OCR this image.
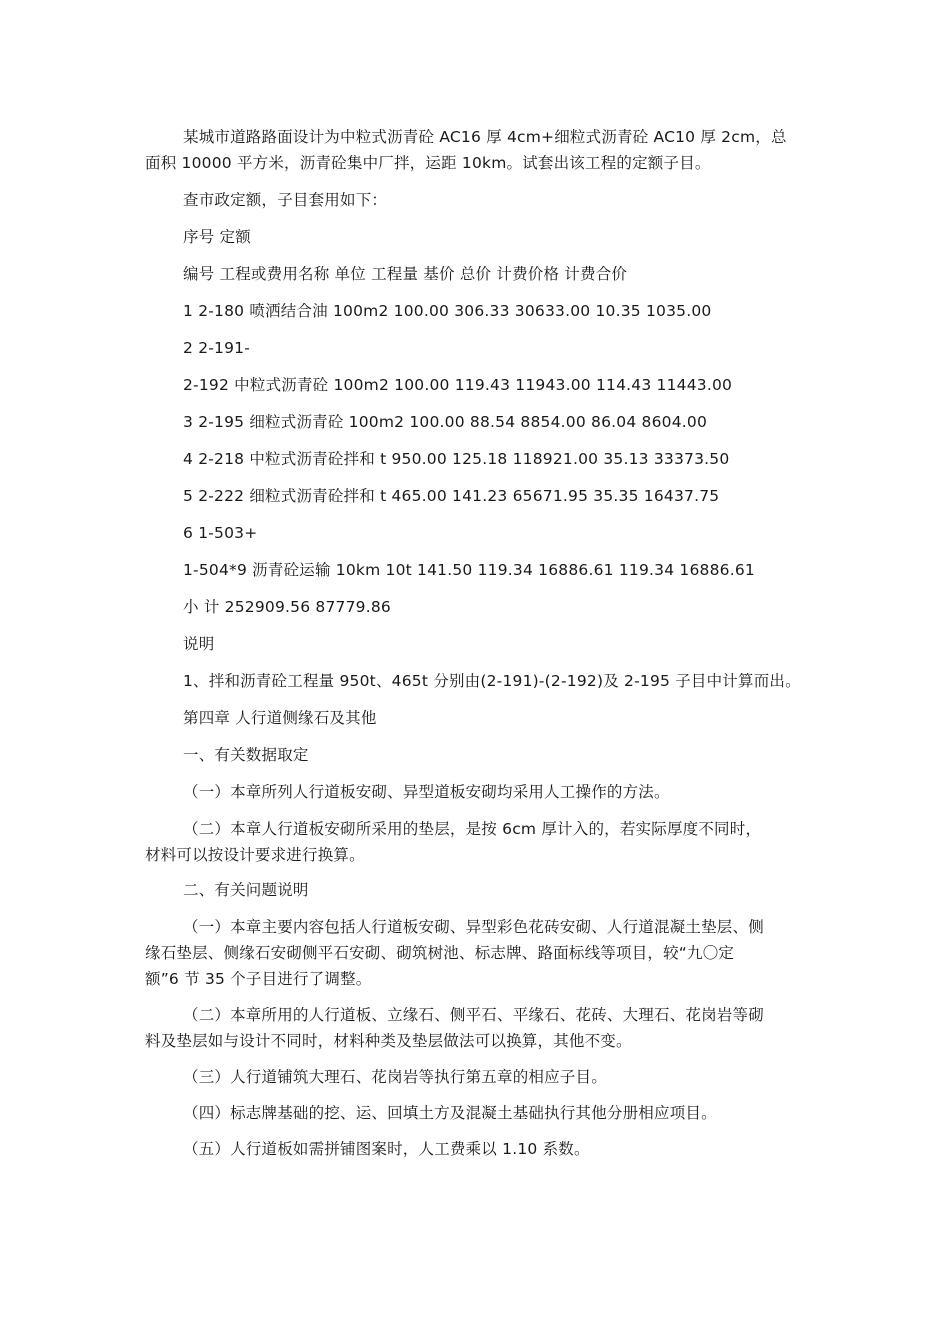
某城市道路路面设计为中粒式沥青砼 AC16 厚 4cm+细粒式沥青砼 AC10 厚 2cm，总
面积 10000 平方米，沥青砼集中厂拌，运距 10km。试套出该工程的定额子目。
查市政定额，子目套用如下：
序号 定额
编号 工程或费用名称 单位 工程量 基价 总价 计费价格 计费合价
1 2-180 喷洒结合油 100m2 100.00 306.33 30633.00 10.35 1035.00
2 2-191-
2-192 中粒式沥青砼 100m2 100.00 119.43 11943.00 114.43 11443.00
3 2-195 细粒式沥青砼 100m2 100.00 88.54 8854.00 86.04 8604.00
4 2-218 中粒式沥青砼拌和 t 950.00 125.18 118921.00 35.13 33373.50
5 2-222 细粒式沥青砼拌和 t 465.00 141.23 65671.95 35.35 16437.75
6 1-503+
1-504*9 沥青砼运输 10km 10t 141.50 119.34 16886.61 119.34 16886.61
小 计 252909.56 87779.86
说明
1、拌和沥青砼工程量 950t、465t 分别由(2-191)-(2-192)及 2-195 子目中计算而出。
第四章 人行道侧缘石及其他
一、有关数据取定
（一）本章所列人行道板安砌、异型道板安砌均采用人工操作的方法。
（二）本章人行道板安砌所采用的垫层，是按 6cm 厚计入的，若实际厚度不同时，
材料可以按设计要求进行换算。
二、有关问题说明
（一）本章主要内容包括人行道板安砌、异型彩色花砖安砌、人行道混凝土垫层、侧
缘石垫层、侧缘石安砌侧平石安砌、砌筑树池、标志牌、路面标线等项目，较“九〇定
额”6 节 35 个子目进行了调整。
（二）本章所用的人行道板、立缘石、侧平石、平缘石、花砖、大理石、花岗岩等砌
料及垫层如与设计不同时，材料种类及垫层做法可以换算，其他不变。
（三）人行道铺筑大理石、花岗岩等执行第五章的相应子目。
（四）标志牌基础的挖、运、回填土方及混凝土基础执行其他分册相应项目。
（五）人行道板如需拼铺图案时，人工费乘以 1.10 系数。
